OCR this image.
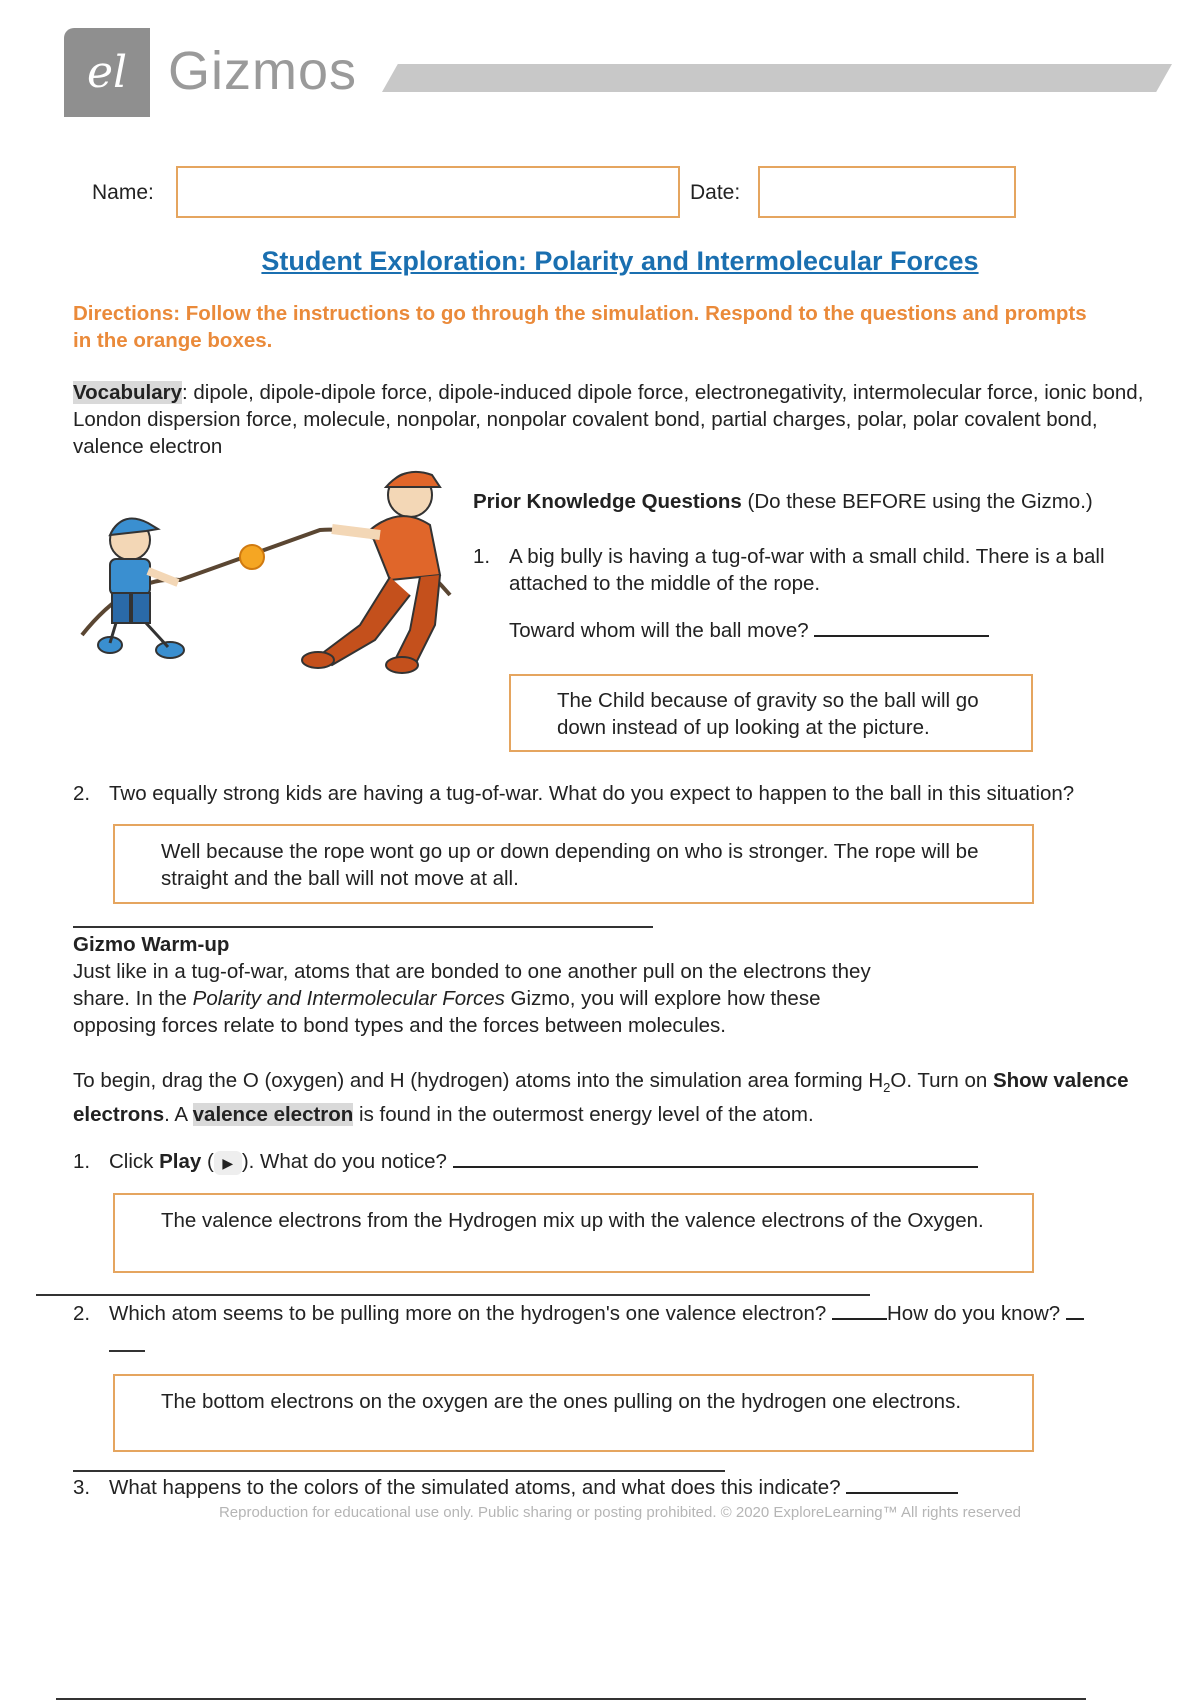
el Gizmos
Name:	Date:
Student Exploration: Polarity and Intermolecular Forces
Directions: Follow the instructions to go through the simulation. Respond to the questions and prompts in the orange boxes.
Vocabulary: dipole, dipole-dipole force, dipole-induced dipole force, electronegativity, intermolecular force, ionic bond, London dispersion force, molecule, nonpolar, nonpolar covalent bond, partial charges, polar, polar covalent bond, valence electron
Prior Knowledge Questions (Do these BEFORE using the Gizmo.)
1. A big bully is having a tug-of-war with a small child. There is a ball attached to the middle of the rope.
Toward whom will the ball move?
The Child because of gravity so the ball will go down instead of up looking at the picture.
2. Two equally strong kids are having a tug-of-war. What do you expect to happen to the ball in this situation?
Well because the rope wont go up or down depending on who is stronger. The rope will be straight and the ball will not move at all.
Gizmo Warm-up
Just like in a tug-of-war, atoms that are bonded to one another pull on the electrons they share. In the Polarity and Intermolecular Forces Gizmo, you will explore how these opposing forces relate to bond types and the forces between molecules.
To begin, drag the O (oxygen) and H (hydrogen) atoms into the simulation area forming $H_2O$. Turn on Show valence electrons. A valence electron is found in the outermost energy level of the atom.
1. Click Play ( ▶ ). What do you notice?
The valence electrons from the Hydrogen mix up with the valence electrons of the Oxygen.
2. Which atom seems to be pulling more on the hydrogen's one valence electron?	How do you know?
The bottom electrons on the oxygen are the ones pulling on the hydrogen one electrons.
3. What happens to the colors of the simulated atoms, and what does this indicate?
Reproduction for educational use only. Public sharing or posting prohibited. © 2020 ExploreLearning™ All rights reserved
